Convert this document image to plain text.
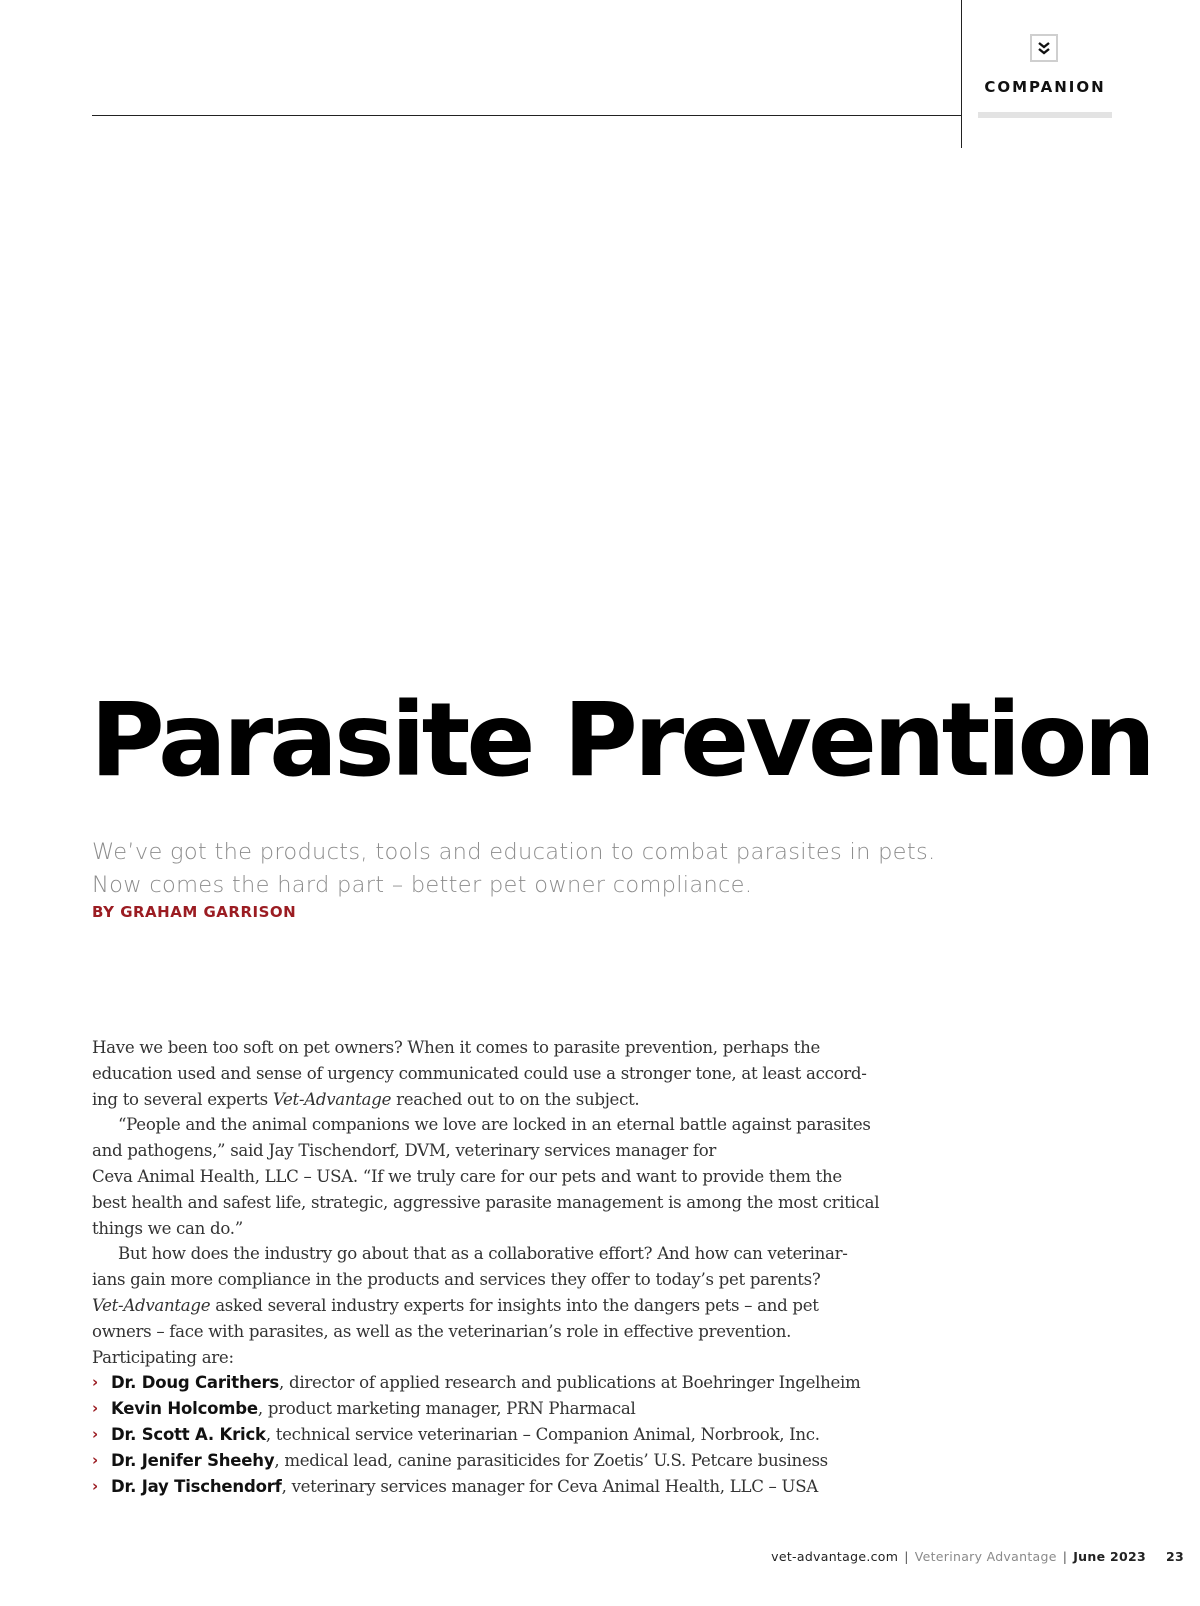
COMPANION
Parasite Prevention
We’ve got the products, tools and education to combat parasites in pets.
Now comes the hard part – better pet owner compliance.
BY GRAHAM GARRISON
Have we been too soft on pet owners? When it comes to parasite prevention, perhaps the
education used and sense of urgency communicated could use a stronger tone, at least accord-
ing to several experts Vet-Advantage reached out to on the subject.
“People and the animal companions we love are locked in an eternal battle against parasites
and pathogens,” said Jay Tischendorf, DVM, veterinary services manager for
Ceva Animal Health, LLC – USA. “If we truly care for our pets and want to provide them the
best health and safest life, strategic, aggressive parasite management is among the most critical
things we can do.”
But how does the industry go about that as a collaborative effort? And how can veterinar-
ians gain more compliance in the products and services they offer to today’s pet parents?
Vet-Advantage asked several industry experts for insights into the dangers pets – and pet
owners – face with parasites, as well as the veterinarian’s role in effective prevention.
Participating are:
› Dr. Doug Carithers, director of applied research and publications at Boehringer Ingelheim
› Kevin Holcombe, product marketing manager, PRN Pharmacal
› Dr. Scott A. Krick, technical service veterinarian – Companion Animal, Norbrook, Inc.
› Dr. Jenifer Sheehy, medical lead, canine parasiticides for Zoetis’ U.S. Petcare business
› Dr. Jay Tischendorf, veterinary services manager for Ceva Animal Health, LLC – USA
vet-advantage.com | Veterinary Advantage | June 2023 23
